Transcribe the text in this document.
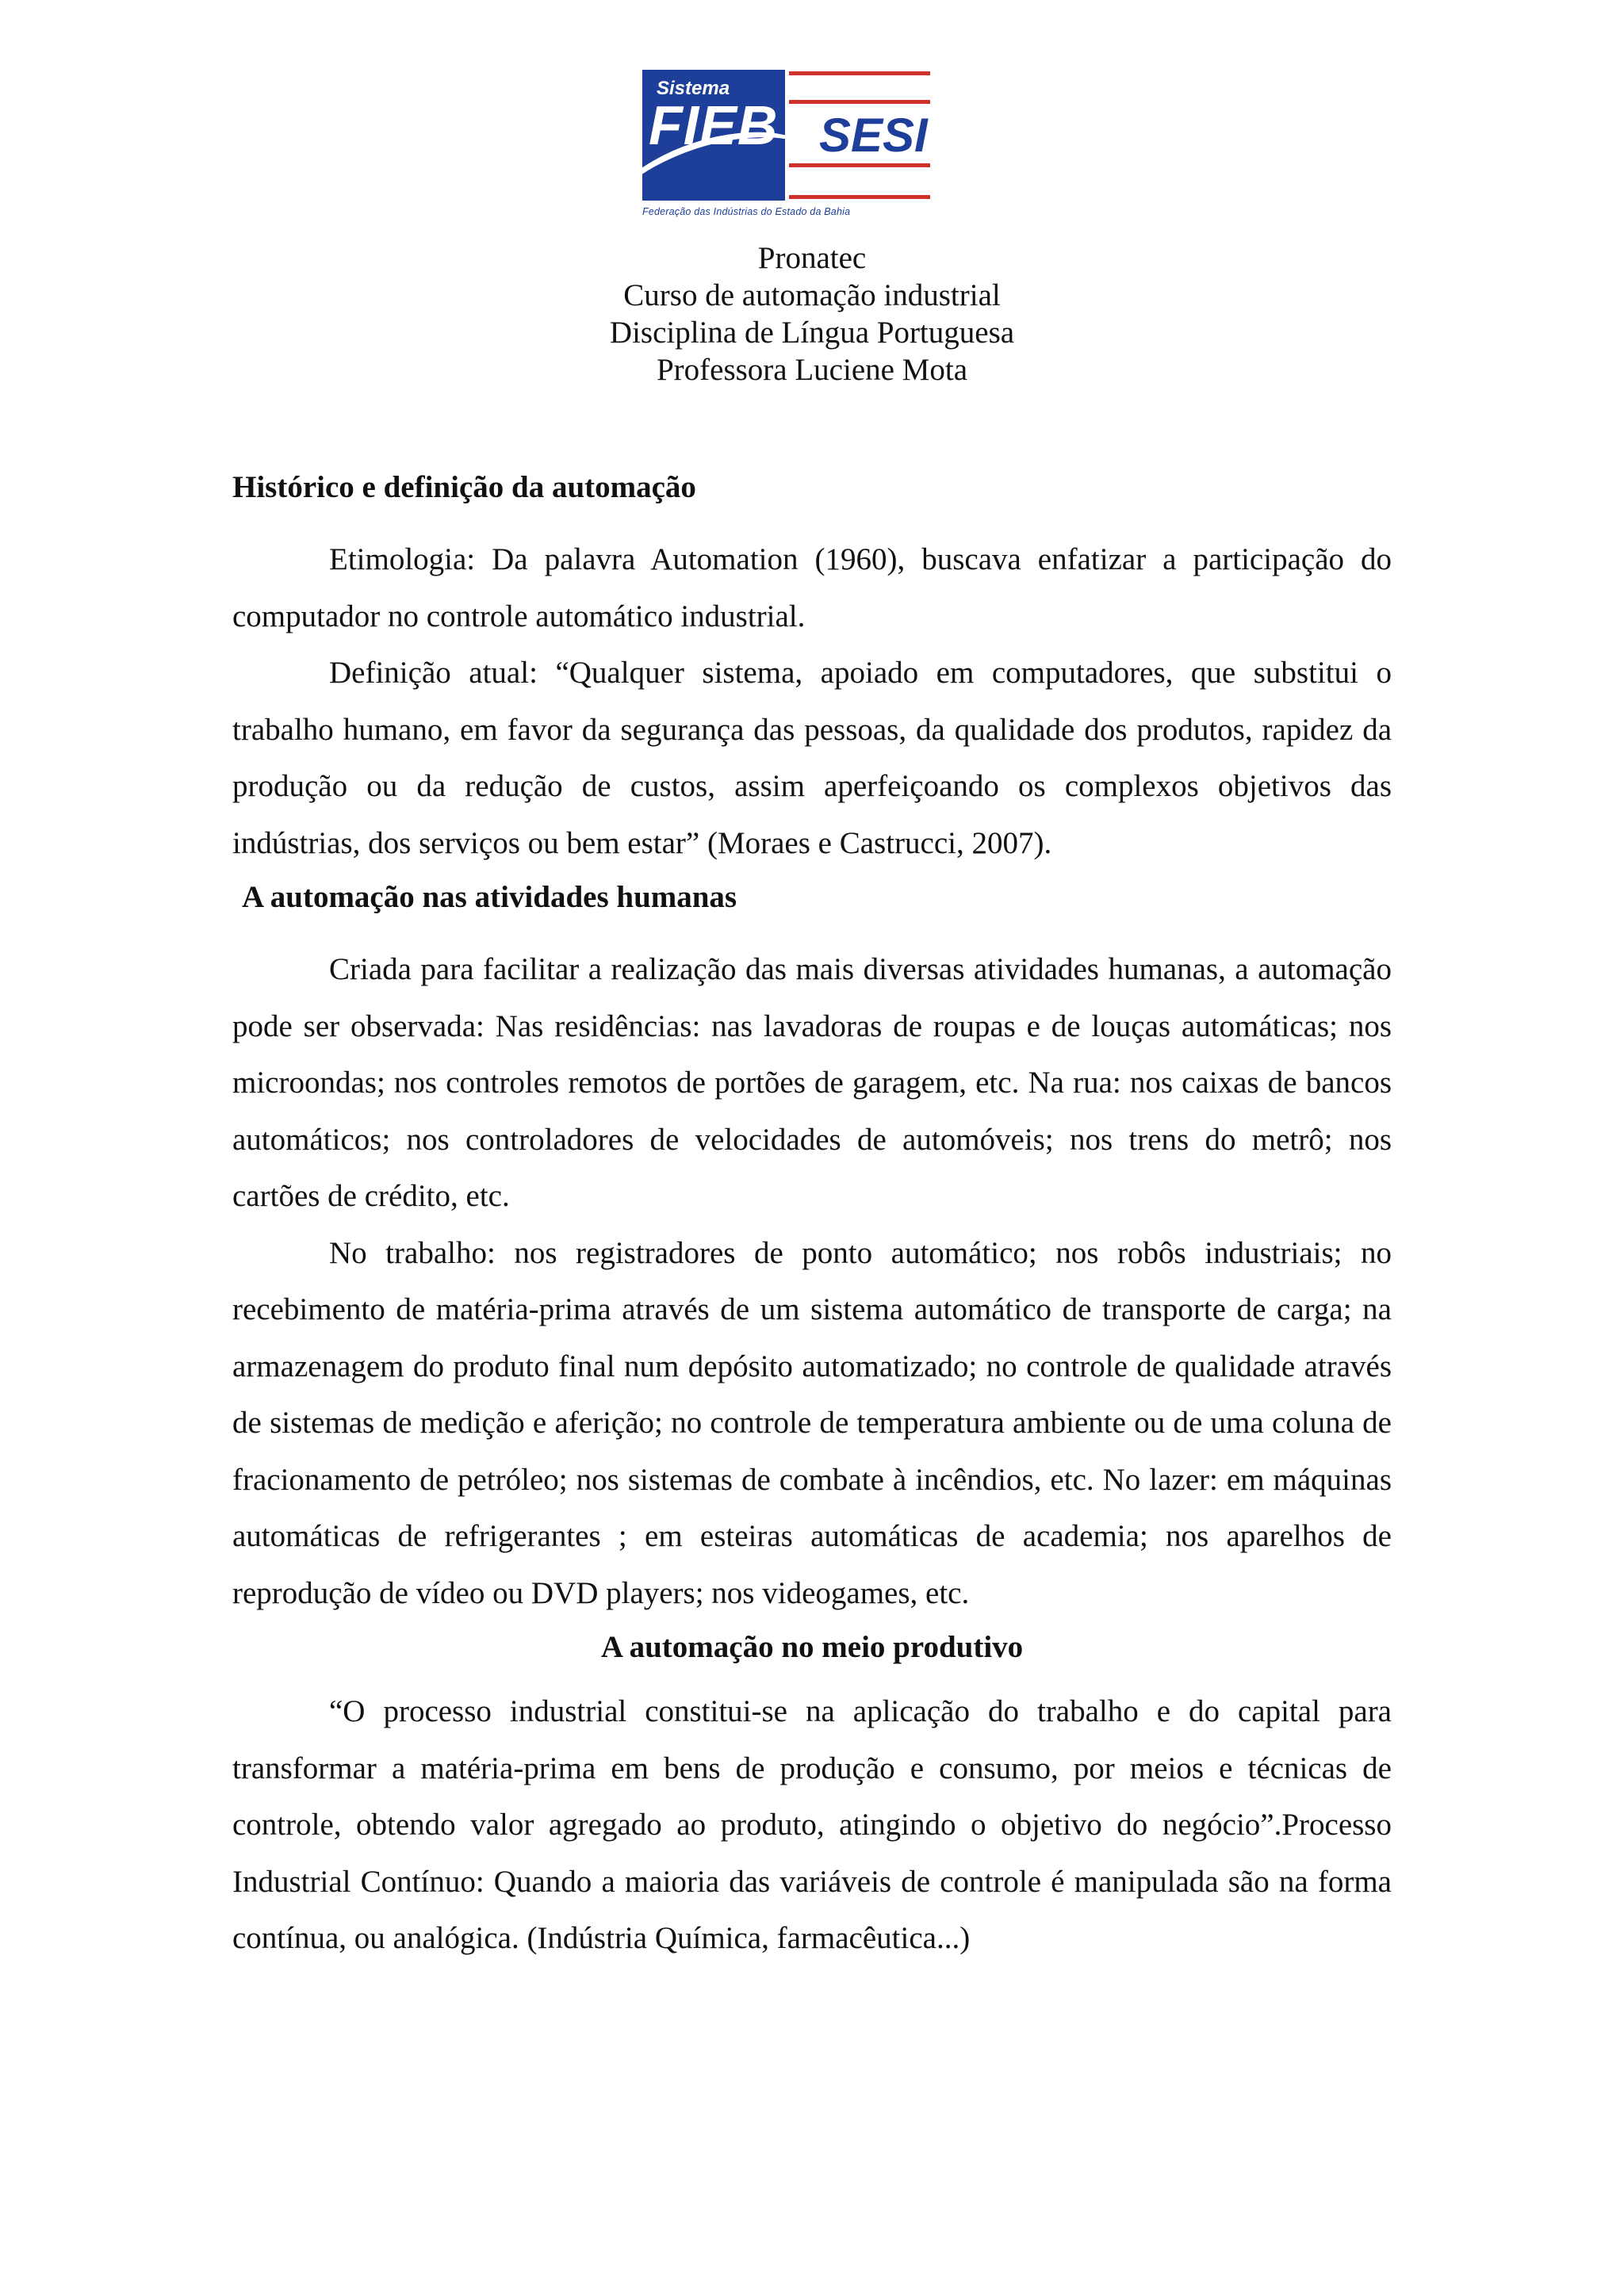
Sistema
FIEB SESI
Federação das Indústrias do Estado da Bahia
Pronatec
Curso de automação industrial
Disciplina de Língua Portuguesa
Professora Luciene Mota

Histórico e definição da automação

Etimologia: Da palavra Automation (1960), buscava enfatizar a participação do computador no controle automático industrial.

Definição atual: “Qualquer sistema, apoiado em computadores, que substitui o trabalho humano, em favor da segurança das pessoas, da qualidade dos produtos, rapidez da produção ou da redução de custos, assim aperfeiçoando os complexos objetivos das indústrias, dos serviços ou bem estar” (Moraes e Castrucci, 2007).

A automação nas atividades humanas

Criada para facilitar a realização das mais diversas atividades humanas, a automação pode ser observada: Nas residências: nas lavadoras de roupas e de louças automáticas; nos microondas; nos controles remotos de portões de garagem, etc. Na rua: nos caixas de bancos automáticos; nos controladores de velocidades de automóveis; nos trens do metrô; nos cartões de crédito, etc.

No trabalho: nos registradores de ponto automático; nos robôs industriais; no recebimento de matéria-prima através de um sistema automático de transporte de carga; na armazenagem do produto final num depósito automatizado; no controle de qualidade através de sistemas de medição e aferição; no controle de temperatura ambiente ou de uma coluna de fracionamento de petróleo; nos sistemas de combate à incêndios, etc. No lazer: em máquinas automáticas de refrigerantes ; em esteiras automáticas de academia; nos aparelhos de reprodução de vídeo ou DVD players; nos videogames, etc.

A automação no meio produtivo

“O processo industrial constitui-se na aplicação do trabalho e do capital para transformar a matéria-prima em bens de produção e consumo, por meios e técnicas de controle, obtendo valor agregado ao produto, atingindo o objetivo do negócio”.Processo Industrial Contínuo: Quando a maioria das variáveis de controle é manipulada são na forma contínua, ou analógica. (Indústria Química, farmacêutica...)
